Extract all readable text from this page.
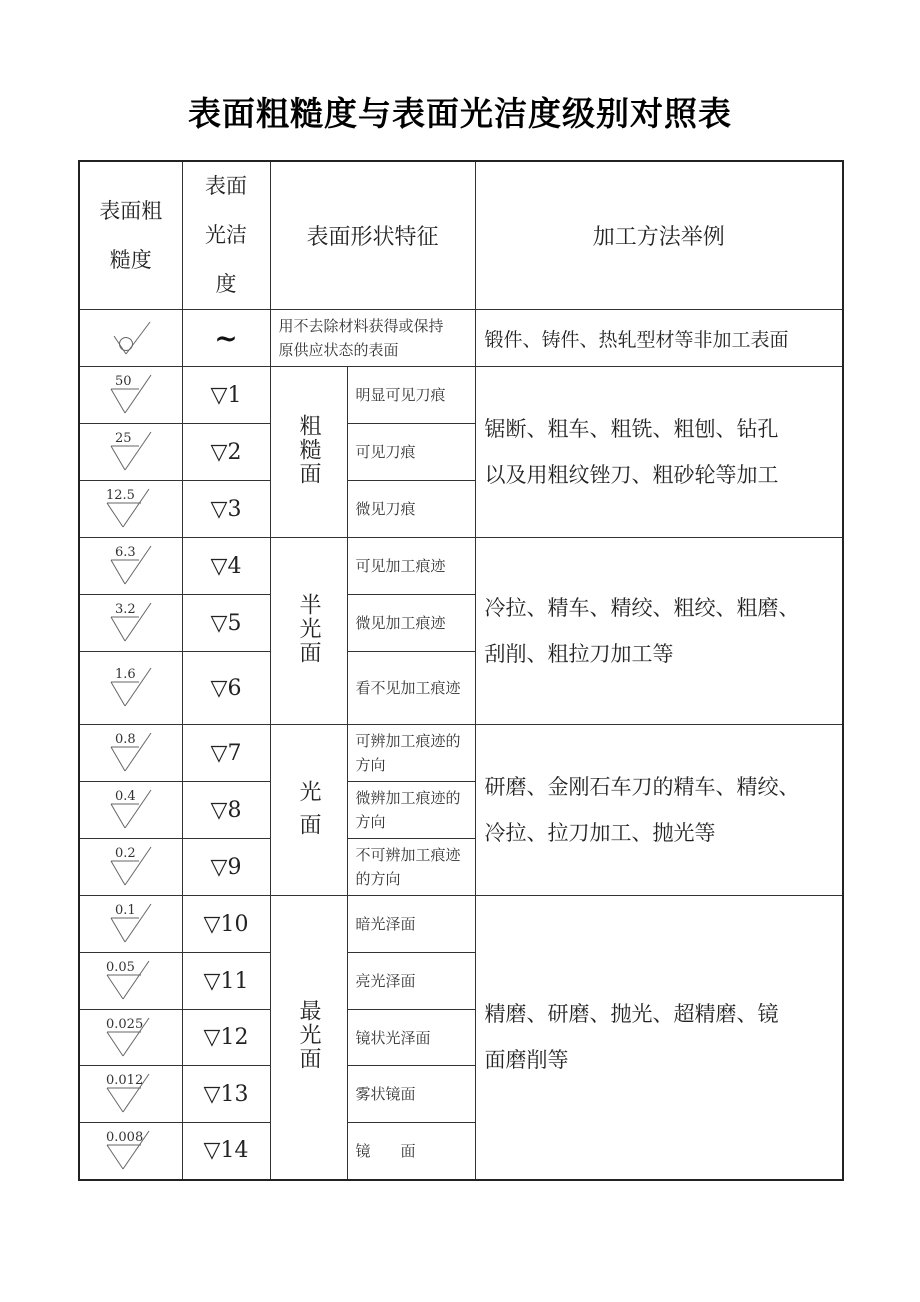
表面粗糙度与表面光洁度级别对照表
表面粗
糙度

表面
光洁
度
	表面形状特征	加工方法举例

	~	用不去除材料获得或保持
原供应状态的表面		锻件、铸件、热轧型材等非加工表面

50	▽1	粗糙面	明显可见刀痕	锯断、粗车、粗铣、粗刨、钻孔
以及用粗纹锉刀、粗砂轮等加工

25	▽2		可见刀痕	

12.5	▽3		微见刀痕	

6.3	▽4	半光面	可见加工痕迹	冷拉、精车、精绞、粗绞、粗磨、
刮削、粗拉刀加工等

3.2	▽5		微见加工痕迹	

1.6	▽6		看不见加工痕迹	

0.8	▽7	光 面	可辨加工痕迹的方向	研磨、金刚石车刀的精车、精绞、
冷拉、拉刀加工、抛光等

0.4	▽8		微辨加工痕迹的方向	

0.2	▽9		不可辨加工痕迹的方向	

0.1	▽10	最光面	暗光泽面	精磨、研磨、抛光、超精磨、镜
面磨削等

0.05	▽11		亮光泽面	

0.025	▽12		镜状光泽面	

0.012	▽13		雾状镜面	

0.008	▽14		镜　　面	
